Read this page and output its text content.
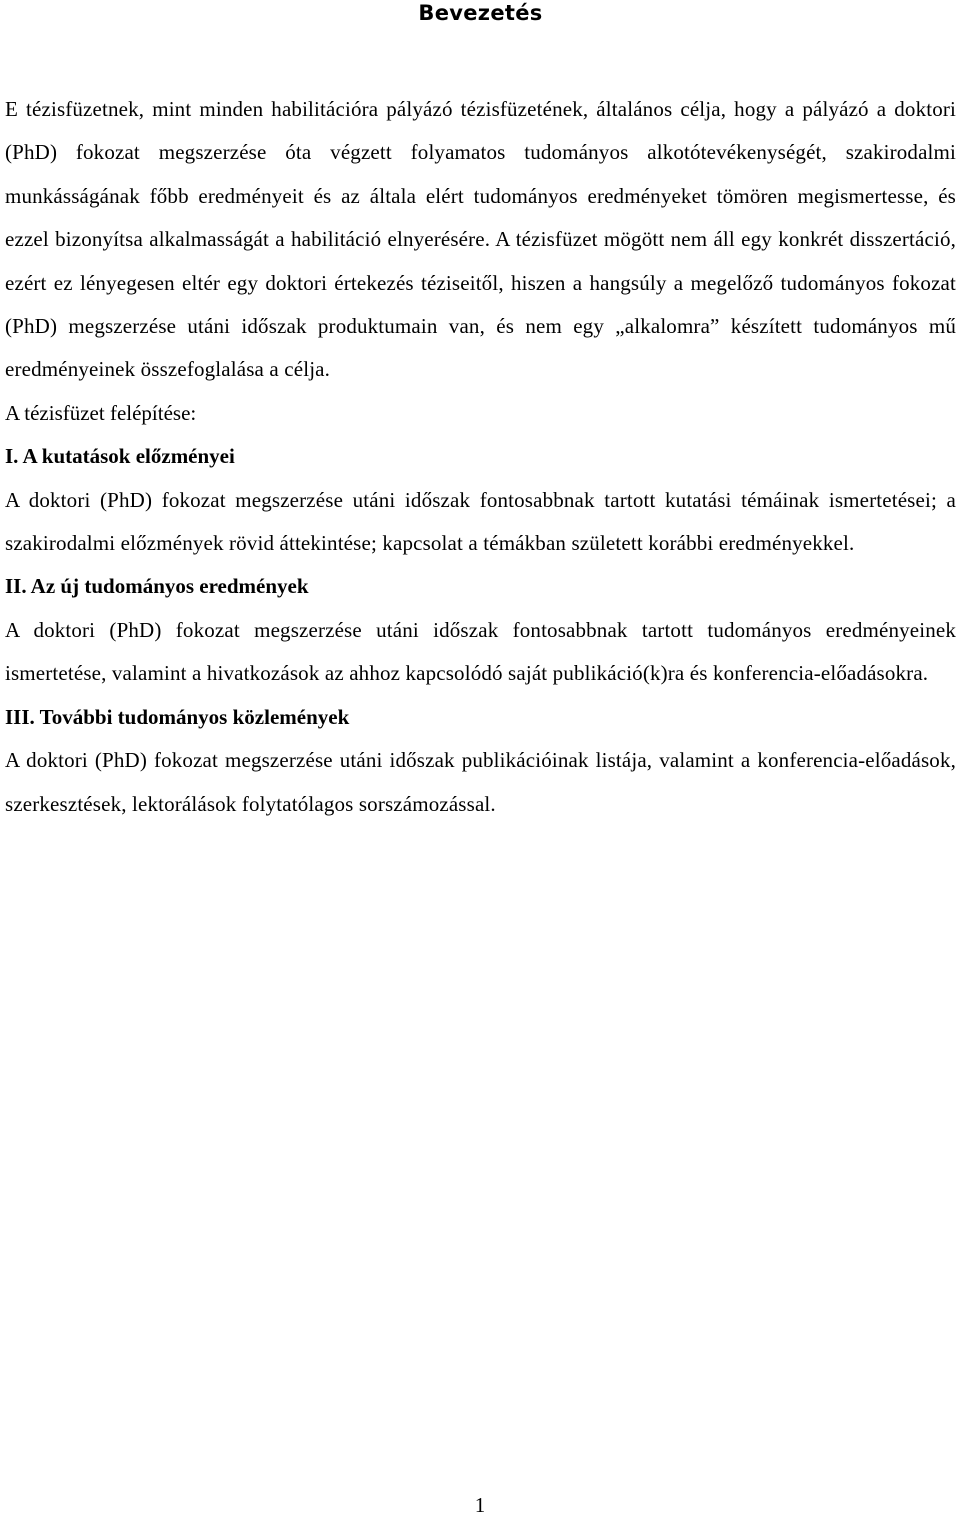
Bevezetés

E tézisfüzetnek, mint minden habilitációra pályázó tézisfüzetének, általános célja, hogy a pályázó a doktori (PhD) fokozat megszerzése óta végzett folyamatos tudományos alkotótevékenységét, szakirodalmi munkásságának főbb eredményeit és az általa elért tudományos eredményeket tömören megismertesse, és ezzel bizonyítsa alkalmasságát a habilitáció elnyerésére. A tézisfüzet mögött nem áll egy konkrét disszertáció, ezért ez lényegesen eltér egy doktori értekezés téziseitől, hiszen a hangsúly a megelőző tudományos fokozat (PhD) megszerzése utáni időszak produktumain van, és nem egy „alkalomra” készített tudományos mű eredményeinek összefoglalása a célja.

A tézisfüzet felépítése:

I. A kutatások előzményei

A doktori (PhD) fokozat megszerzése utáni időszak fontosabbnak tartott kutatási témáinak ismertetései; a szakirodalmi előzmények rövid áttekintése; kapcsolat a témákban született korábbi eredményekkel.

II. Az új tudományos eredmények

A doktori (PhD) fokozat megszerzése utáni időszak fontosabbnak tartott tudományos eredményeinek ismertetése, valamint a hivatkozások az ahhoz kapcsolódó saját publikáció(k)ra és konferencia-előadásokra.

III. További tudományos közlemények

A doktori (PhD) fokozat megszerzése utáni időszak publikációinak listája, valamint a konferencia-előadások, szerkesztések, lektorálások folytatólagos sorszámozással.

1
